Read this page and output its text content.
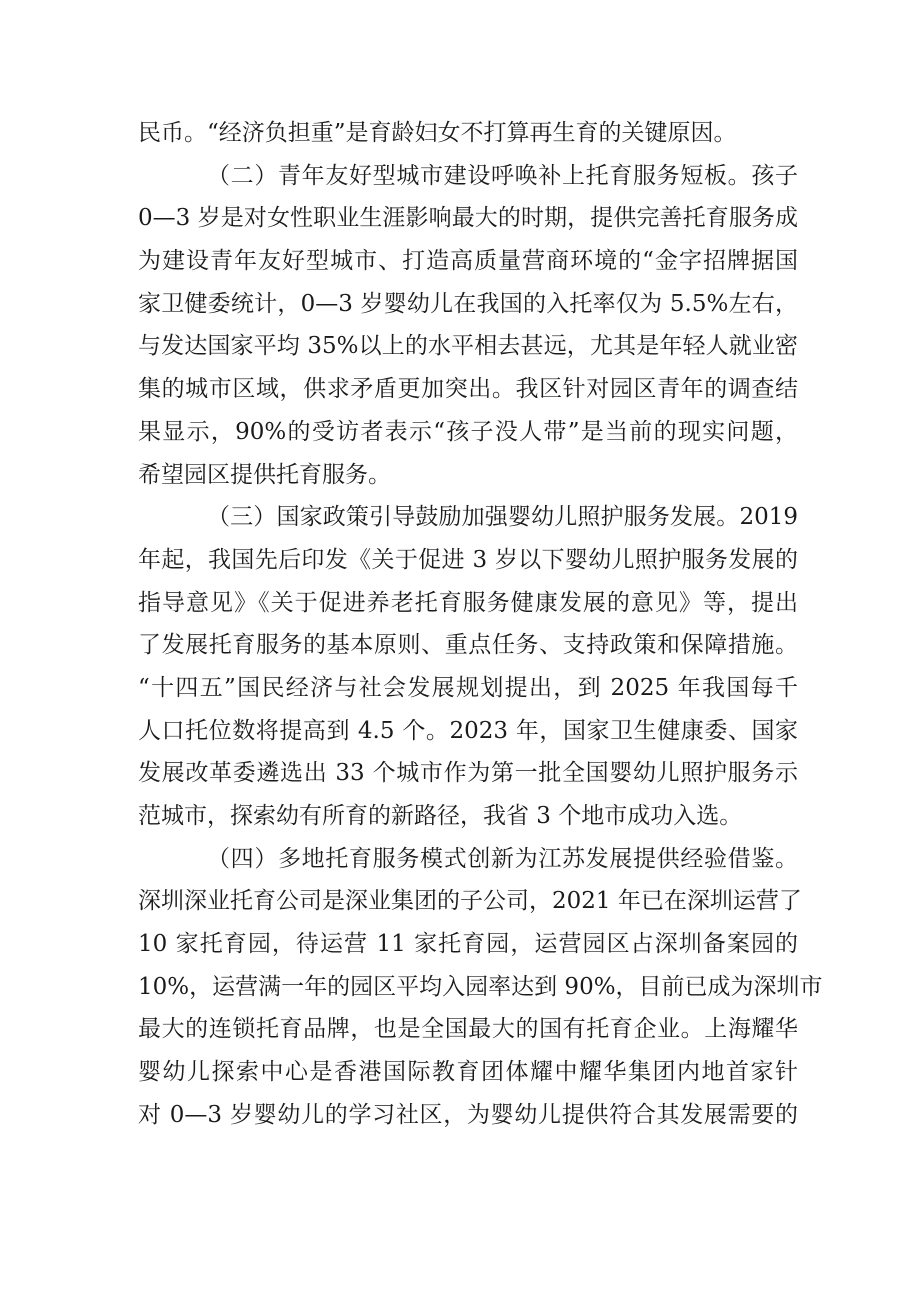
民币。“经济负担重”是育龄妇女不打算再生育的关键原因。
（二）青年友好型城市建设呼唤补上托育服务短板。孩子
0—3 岁是对女性职业生涯影响最大的时期，提供完善托育服务成
为建设青年友好型城市、打造高质量营商环境的“金字招牌据国
家卫健委统计，0—3 岁婴幼儿在我国的入托率仅为 5.5%左右，
与发达国家平均 35%以上的水平相去甚远，尤其是年轻人就业密
集的城市区域，供求矛盾更加突出。我区针对园区青年的调查结
果显示，90%的受访者表示“孩子没人带”是当前的现实问题，
希望园区提供托育服务。
（三）国家政策引导鼓励加强婴幼儿照护服务发展。2019
年起，我国先后印发《关于促进 3 岁以下婴幼儿照护服务发展的
指导意见》《关于促进养老托育服务健康发展的意见》等，提出
了发展托育服务的基本原则、重点任务、支持政策和保障措施。
“十四五”国民经济与社会发展规划提出，到 2025 年我国每千
人口托位数将提高到 4.5 个。2023 年，国家卫生健康委、国家
发展改革委遴选出 33 个城市作为第一批全国婴幼儿照护服务示
范城市，探索幼有所育的新路径，我省 3 个地市成功入选。
（四）多地托育服务模式创新为江苏发展提供经验借鉴。
深圳深业托育公司是深业集团的子公司，2021 年已在深圳运营了
10 家托育园，待运营 11 家托育园，运营园区占深圳备案园的
10%，运营满一年的园区平均入园率达到 90%，目前已成为深圳市
最大的连锁托育品牌，也是全国最大的国有托育企业。上海耀华
婴幼儿探索中心是香港国际教育团体耀中耀华集团内地首家针
对 0—3 岁婴幼儿的学习社区，为婴幼儿提供符合其发展需要的
